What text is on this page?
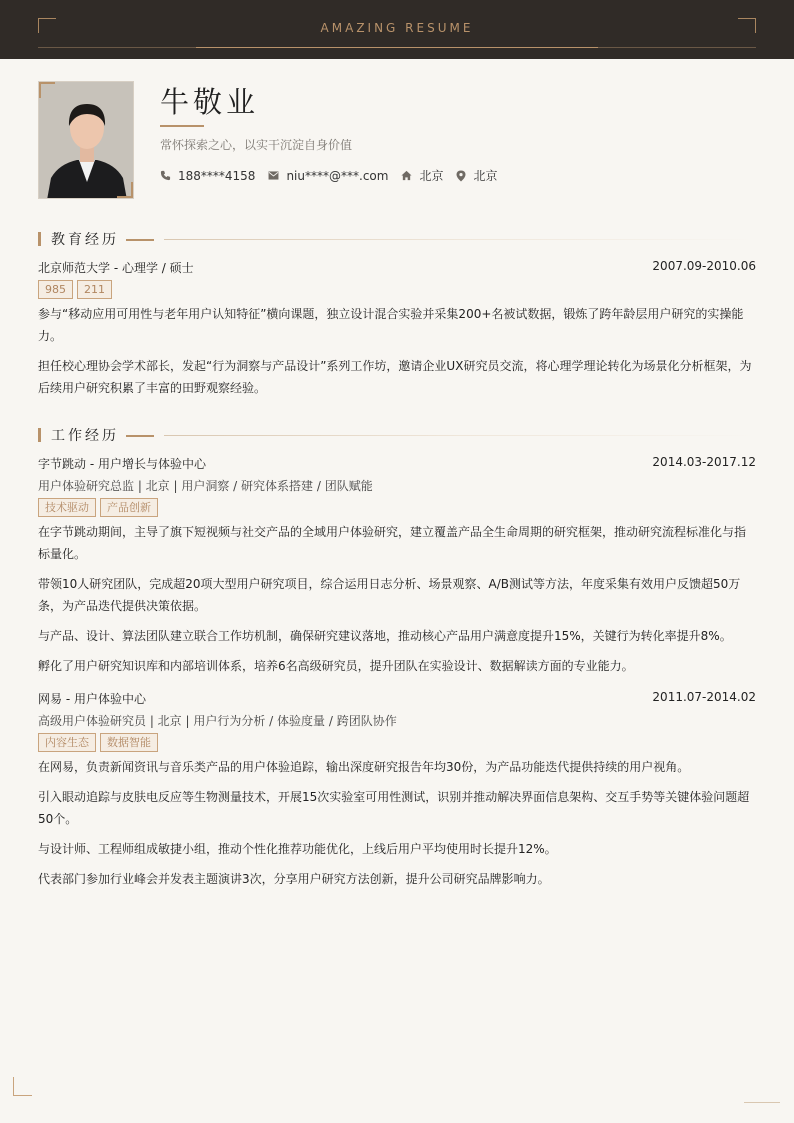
AMAZING RESUME
牛敬业
常怀探索之心，以实干沉淀自身价值
188****4158	niu****@***.com	北京	北京
教育经历
北京师范大学 - 心理学 / 硕士	2007.09-2010.06
985	211

参与“移动应用可用性与老年用户认知特征”横向课题，独立设计混合实验并采集200+名被试数据，锻炼了跨年龄层用户研究的实操能力。

担任校心理协会学术部长，发起“行为洞察与产品设计”系列工作坊，邀请企业UX研究员交流，将心理学理论转化为场景化分析框架，为后续用户研究积累了丰富的田野观察经验。

工作经历
字节跳动 - 用户增长与体验中心	2014.03-2017.12
用户体验研究总监 | 北京 | 用户洞察 / 研究体系搭建 / 团队赋能
技术驱动	产品创新

在字节跳动期间，主导了旗下短视频与社交产品的全域用户体验研究，建立覆盖产品全生命周期的研究框架，推动研究流程标准化与指标量化。

带领10人研究团队，完成超20项大型用户研究项目，综合运用日志分析、场景观察、A/B测试等方法，年度采集有效用户反馈超50万条，为产品迭代提供决策依据。

与产品、设计、算法团队建立联合工作坊机制，确保研究建议落地，推动核心产品用户满意度提升15%，关键行为转化率提升8%。

孵化了用户研究知识库和内部培训体系，培养6名高级研究员，提升团队在实验设计、数据解读方面的专业能力。

网易 - 用户体验中心	2011.07-2014.02
高级用户体验研究员 | 北京 | 用户行为分析 / 体验度量 / 跨团队协作
内容生态	数据智能

在网易，负责新闻资讯与音乐类产品的用户体验追踪，输出深度研究报告年均30份，为产品功能迭代提供持续的用户视角。

引入眼动追踪与皮肤电反应等生物测量技术，开展15次实验室可用性测试，识别并推动解决界面信息架构、交互手势等关键体验问题超50个。

与设计师、工程师组成敏捷小组，推动个性化推荐功能优化，上线后用户平均使用时长提升12%。

代表部门参加行业峰会并发表主题演讲3次，分享用户研究方法创新，提升公司研究品牌影响力。
